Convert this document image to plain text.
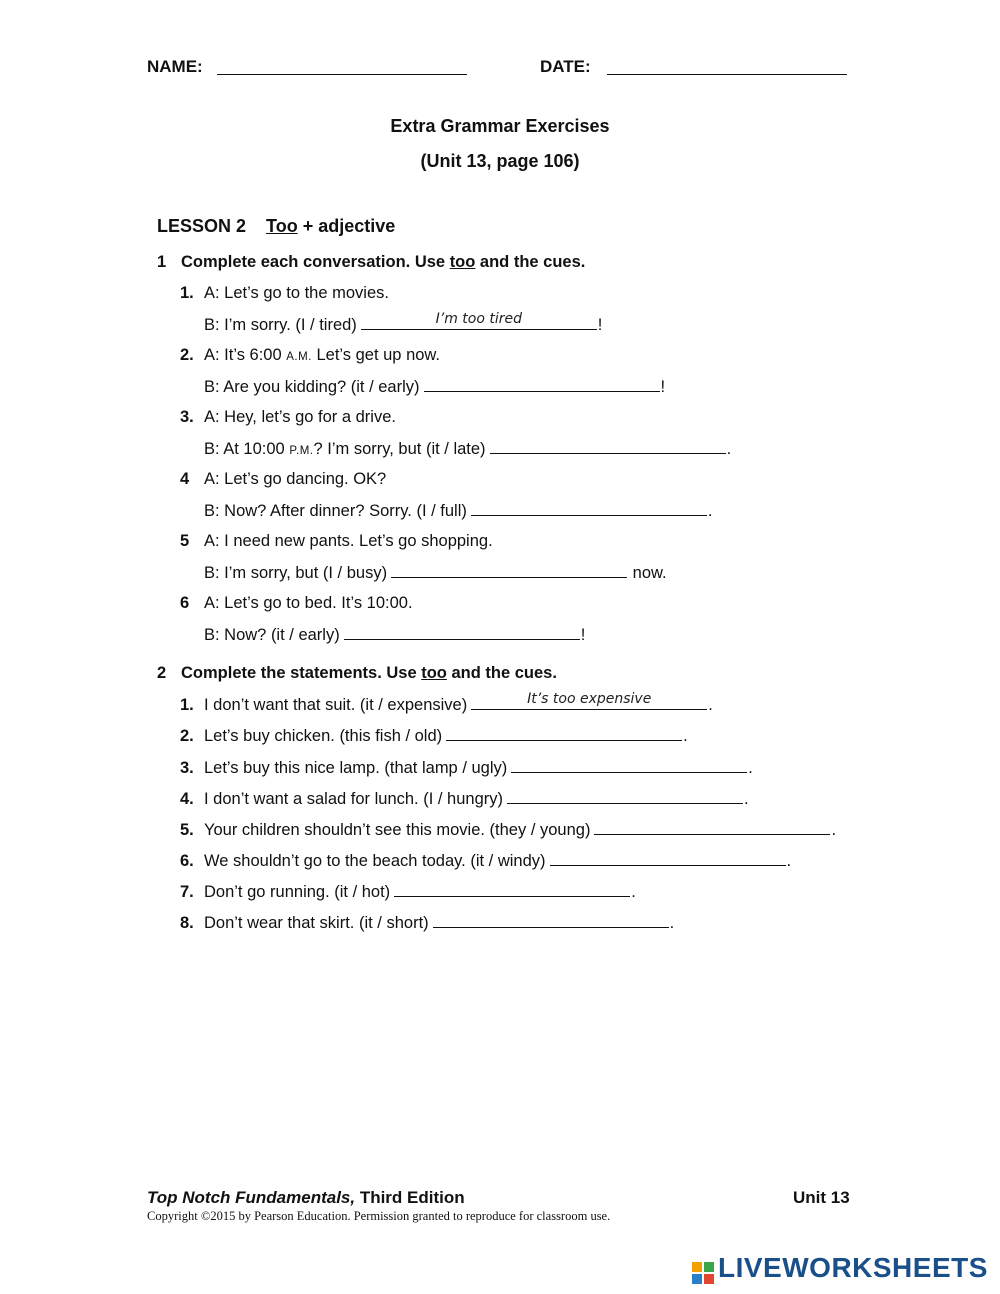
NAME:	DATE:
Extra Grammar Exercises
(Unit 13, page 106)
LESSON 2 Too + adjective
1 Complete each conversation. Use too and the cues.
1. A: Let’s go to the movies.
B: I’m sorry. (I / tired)	I’m too tired	!
2. A: It’s 6:00 A.M. Let’s get up now.
B: Are you kidding? (it / early)	!
3. A: Hey, let’s go for a drive.
B: At 10:00 P.M.? I’m sorry, but (it / late)	.
4 A: Let’s go dancing. OK?
B: Now? After dinner? Sorry. (I / full)	.
5 A: I need new pants. Let’s go shopping.
B: I’m sorry, but (I / busy)	now.
6 A: Let’s go to bed. It’s 10:00.
B: Now? (it / early)	!
2 Complete the statements. Use too and the cues.
1. I don’t want that suit. (it / expensive)	It’s too expensive	.
2. Let’s buy chicken. (this fish / old)	.
3. Let’s buy this nice lamp. (that lamp / ugly)	.
4. I don’t want a salad for lunch. (I / hungry)	.
5. Your children shouldn’t see this movie. (they / young)	.
6. We shouldn’t go to the beach today. (it / windy)	.
7. Don’t go running. (it / hot)	.
8. Don’t wear that skirt. (it / short)	.
Top Notch Fundamentals, Third Edition	Unit 13
Copyright ©2015 by Pearson Education. Permission granted to reproduce for classroom use.
LIVEWORKSHEETS
